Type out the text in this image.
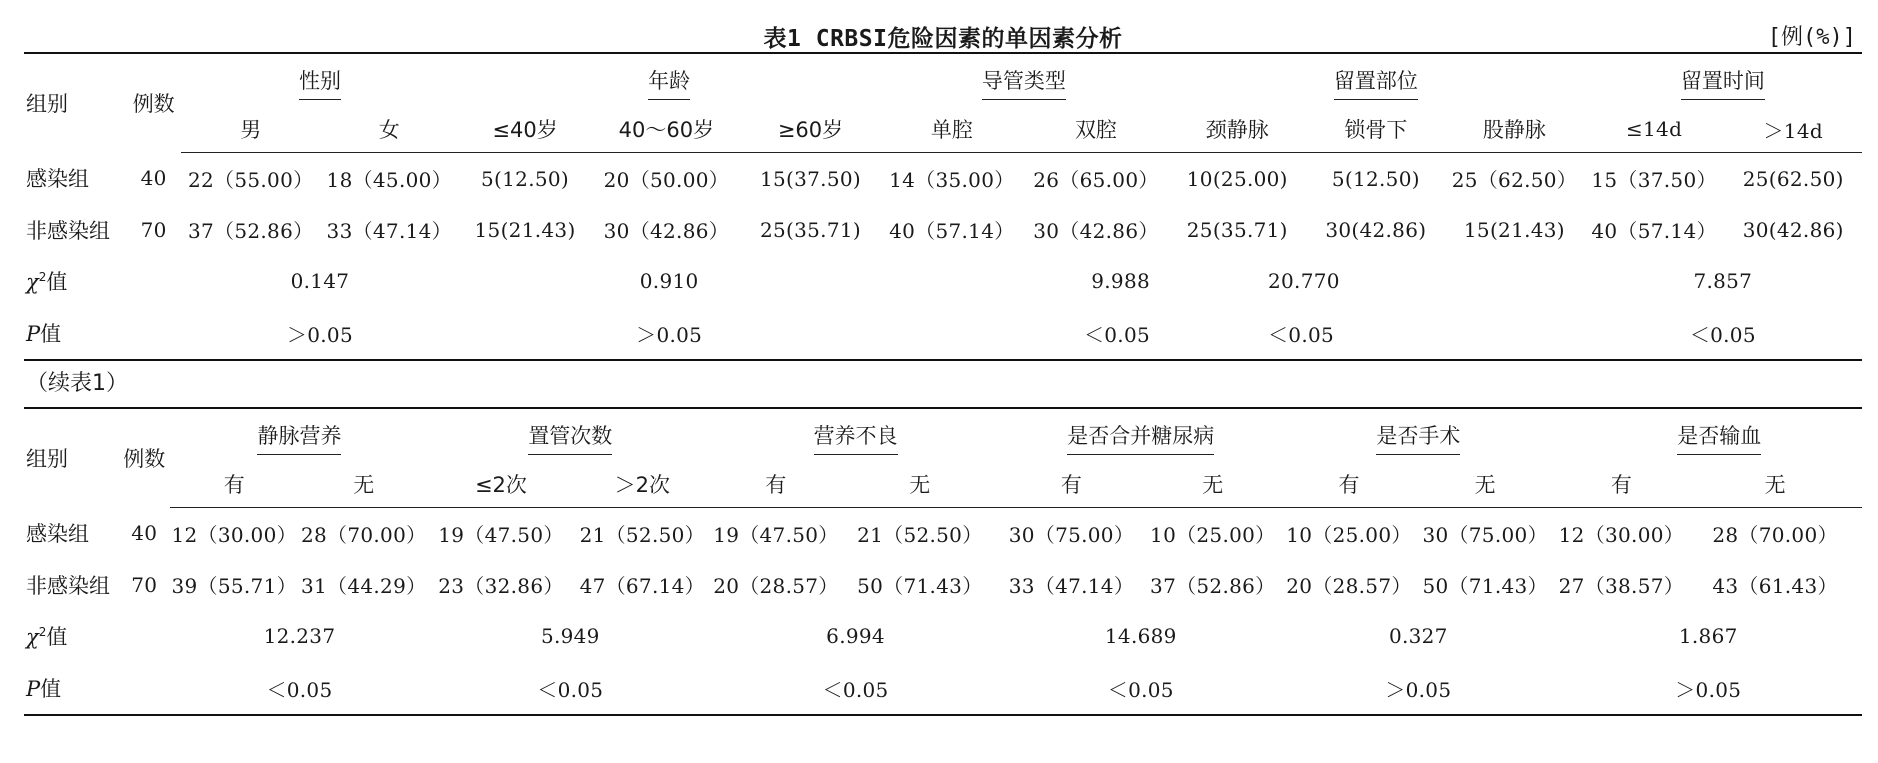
表1 CRBSI危险因素的单因素分析	[例(%)]
组别	例数	性别		年龄			导管类型		留置部位			留置时间	
		男	女	≤40岁	40～60岁	≥60岁	单腔	双腔	颈静脉	锁骨下	股静脉	≤14d	＞14d
感染组	40	22（55.00）	18（45.00）	5(12.50)	20（50.00）	15(37.50)	14（35.00）	26（65.00）	10(25.00)	5(12.50)	25（62.50）	15（37.50）	25(62.50)
非感染组	70	37（52.86）	33（47.14）	15(21.43)	30（42.86）	25(35.71)	40（57.14）	30（42.86）	25(35.71)	30(42.86)	15(21.43)	40（57.14）	30(42.86)
$\chi^2$值		0.147		0.910			9.988		20.770			7.857	
P值		＞0.05		＞0.05			＜0.05		＜0.05			＜0.05	
（续表1）
组别	例数	静脉营养		置管次数		营养不良		是否合并糖尿病		是否手术		是否输血	
		有	无	≤2次	＞2次	有	无	有	无	有	无	有	无
感染组	40	12（30.00）	28（70.00）	19（47.50）	21（52.50）	19（47.50）	21（52.50）	30（75.00）	10（25.00）	10（25.00）	30（75.00）	12（30.00）	28（70.00）
非感染组	70	39（55.71）	31（44.29）	23（32.86）	47（67.14）	20（28.57）	50（71.43）	33（47.14）	37（52.86）	20（28.57）	50（71.43）	27（38.57）	43（61.43）
$\chi^2$值		12.237		5.949		6.994		14.689		0.327		1.867	
P值		＜0.05		＜0.05		＜0.05		＜0.05		＞0.05		＞0.05	
